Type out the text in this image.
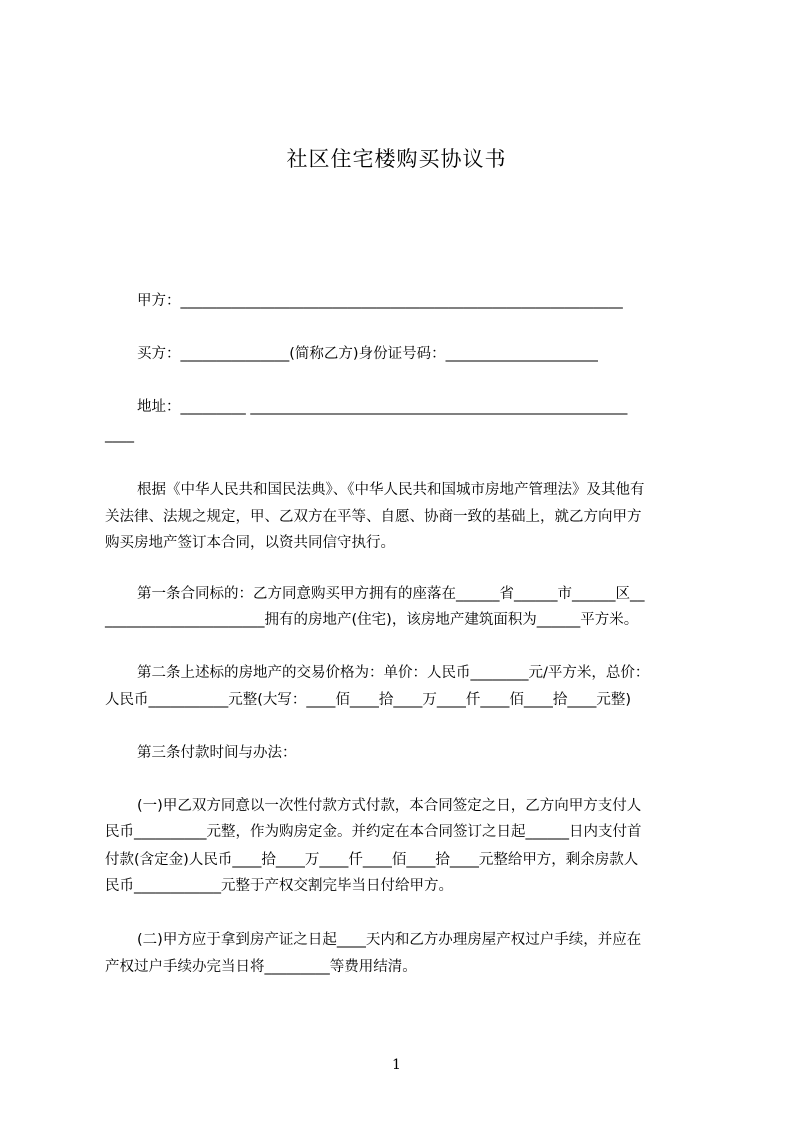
社区住宅楼购买协议书
甲方：_____________________________________________________________
买方：_______________(简称乙方)身份证号码：_____________________
地址：_________ ____________________________________________________
____
根据《中华人民共和国民法典》、《中华人民共和国城市房地产管理法》及其他有
关法律、法规之规定，甲、乙双方在平等、自愿、协商一致的基础上，就乙方向甲方
购买房地产签订本合同，以资共同信守执行。
第一条合同标的：乙方同意购买甲方拥有的座落在______省______市______区__
______________________拥有的房地产(住宅)，该房地产建筑面积为______平方米。
第二条上述标的房地产的交易价格为：单价：人民币________元/平方米，总价：
人民币___________元整(大写：____佰____拾____万____仟____佰____拾____元整)
第三条付款时间与办法：
(一)甲乙双方同意以一次性付款方式付款，本合同签定之日，乙方向甲方支付人
民币__________元整，作为购房定金。并约定在本合同签订之日起______日内支付首
付款(含定金)人民币____拾____万____仟____佰____拾____元整给甲方，剩余房款人
民币____________元整于产权交割完毕当日付给甲方。
(二)甲方应于拿到房产证之日起____天内和乙方办理房屋产权过户手续，并应在
产权过户手续办完当日将_________等费用结清。
1
